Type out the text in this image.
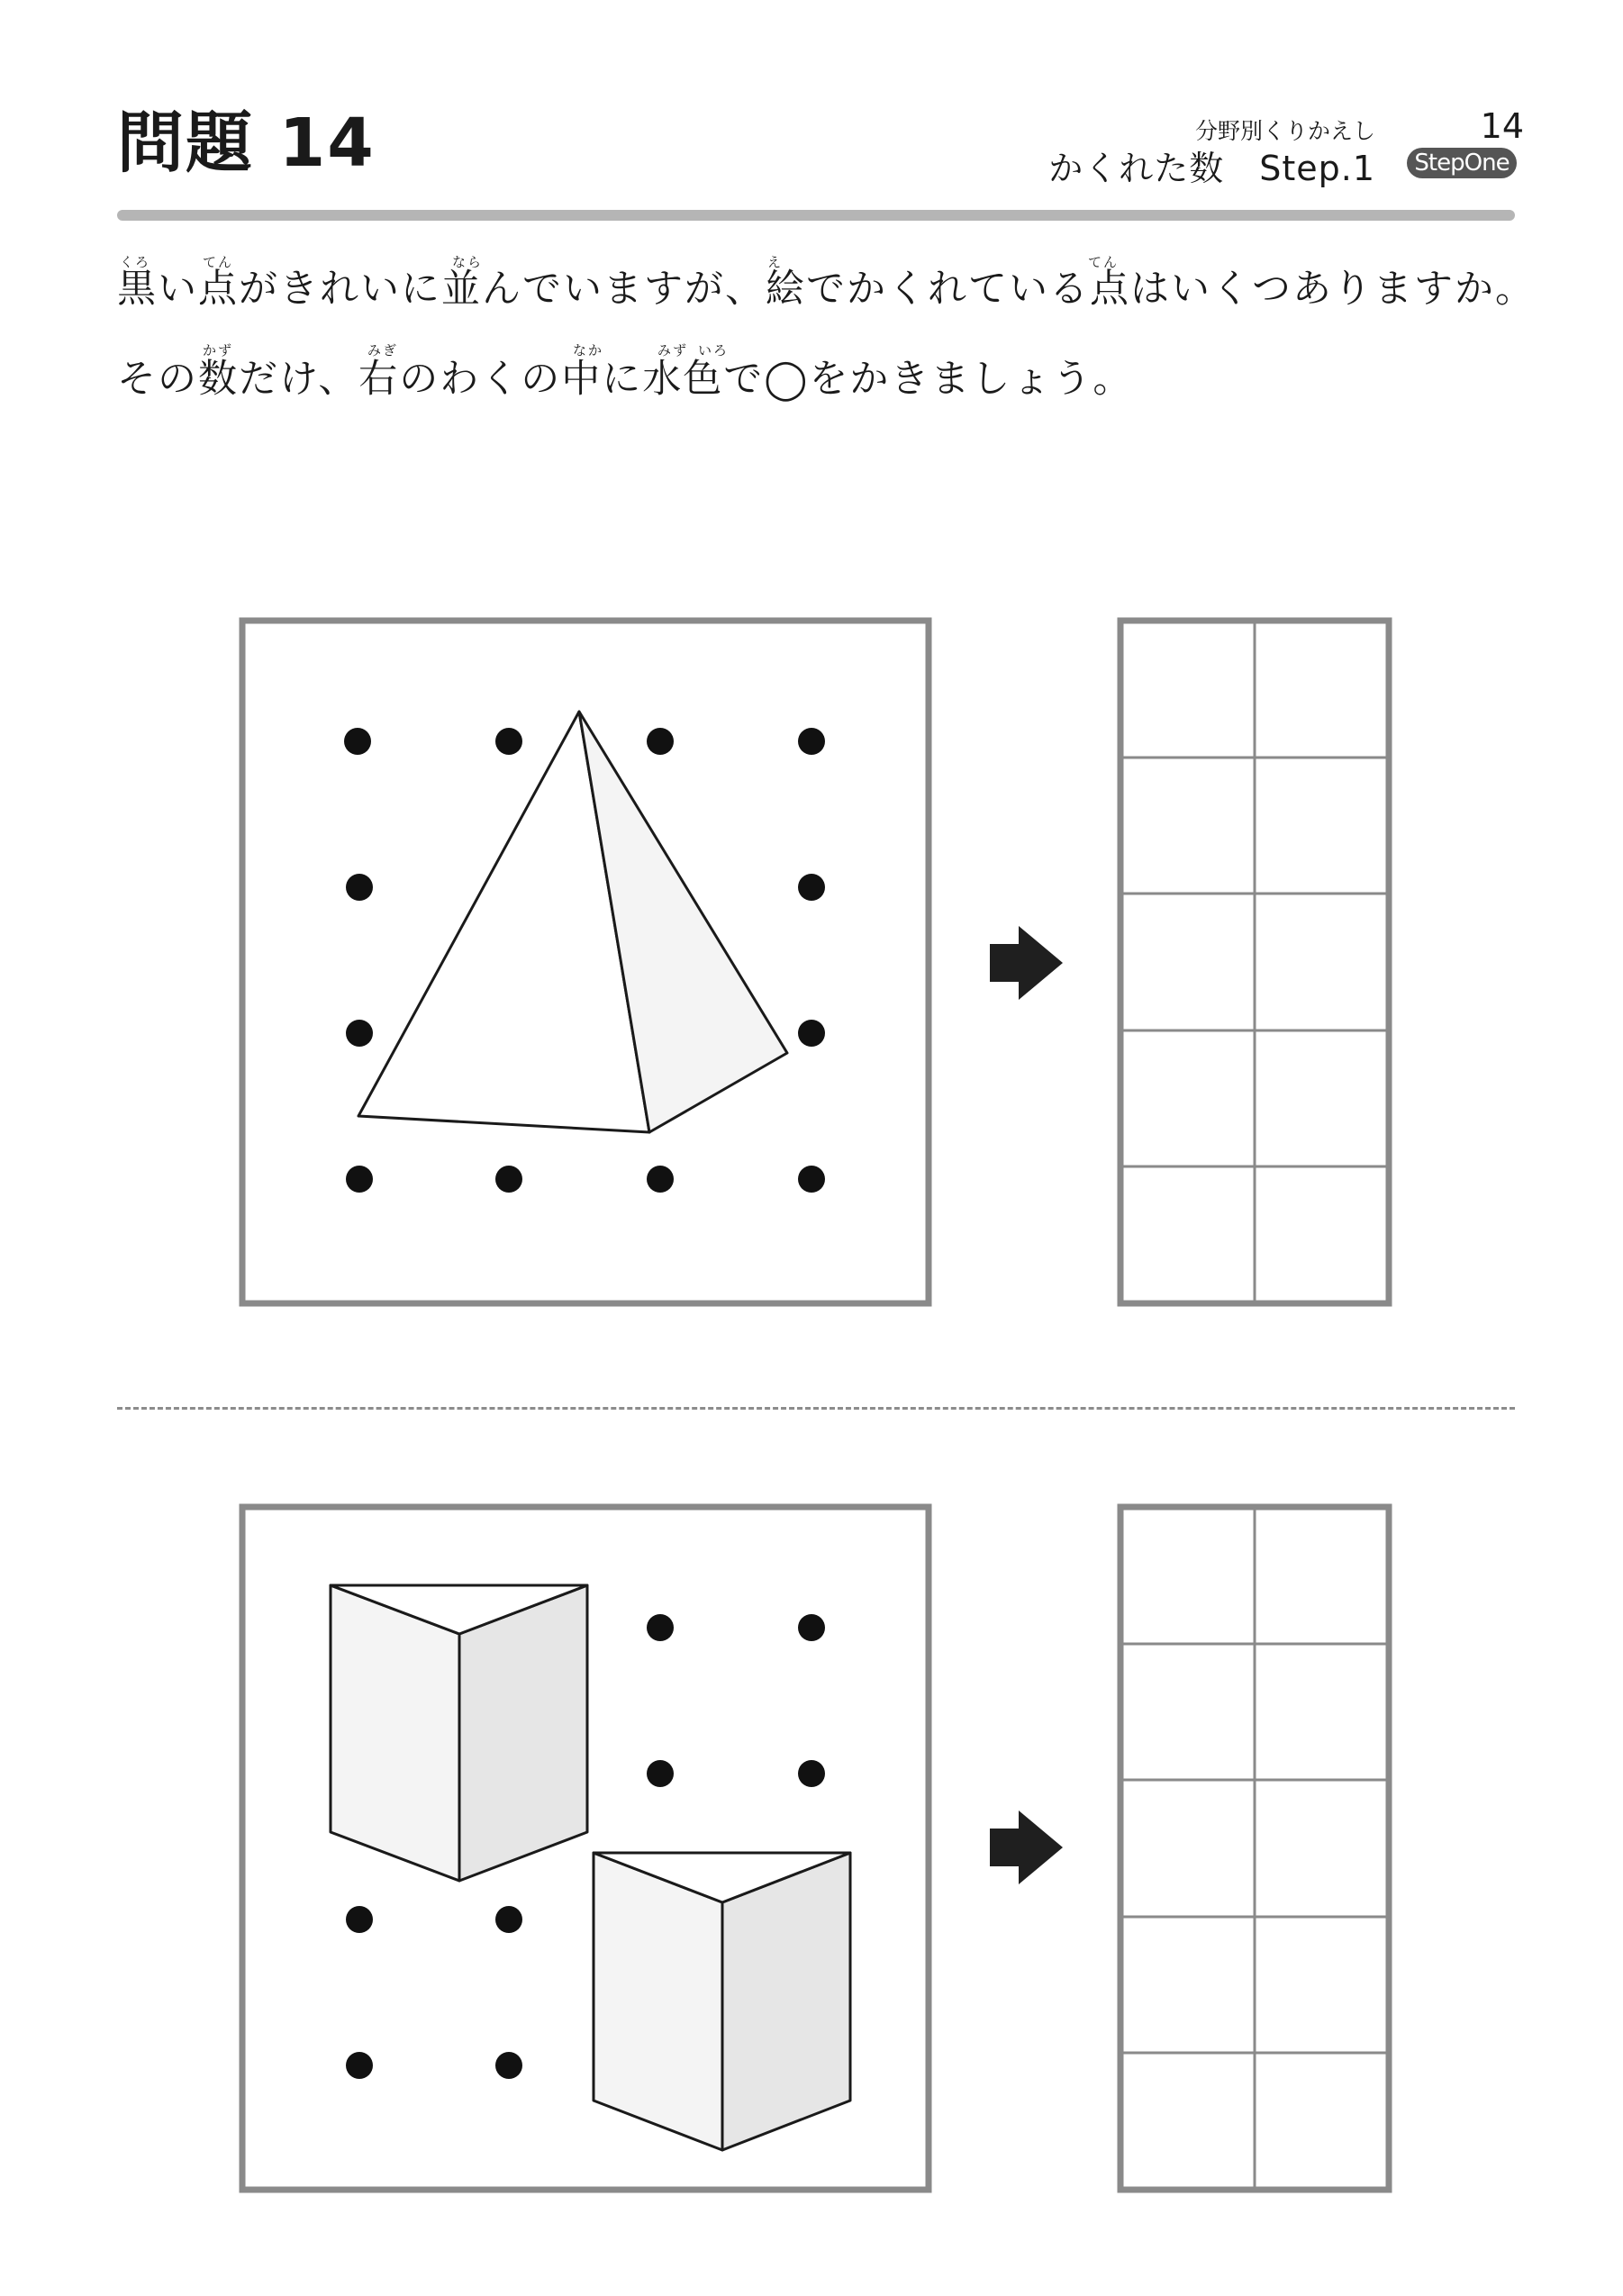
問題 14	分野別くりかえし	14
かくれた数　Step.1	StepOne
くろ	てん	なら	え	てん
かず	みぎ	なか	みず いろ
黒い点がきれいに並んでいますが、絵でかくれている点はいくつありますか。
その数だけ、右のわくの中に水色で◯をかきましょう。
